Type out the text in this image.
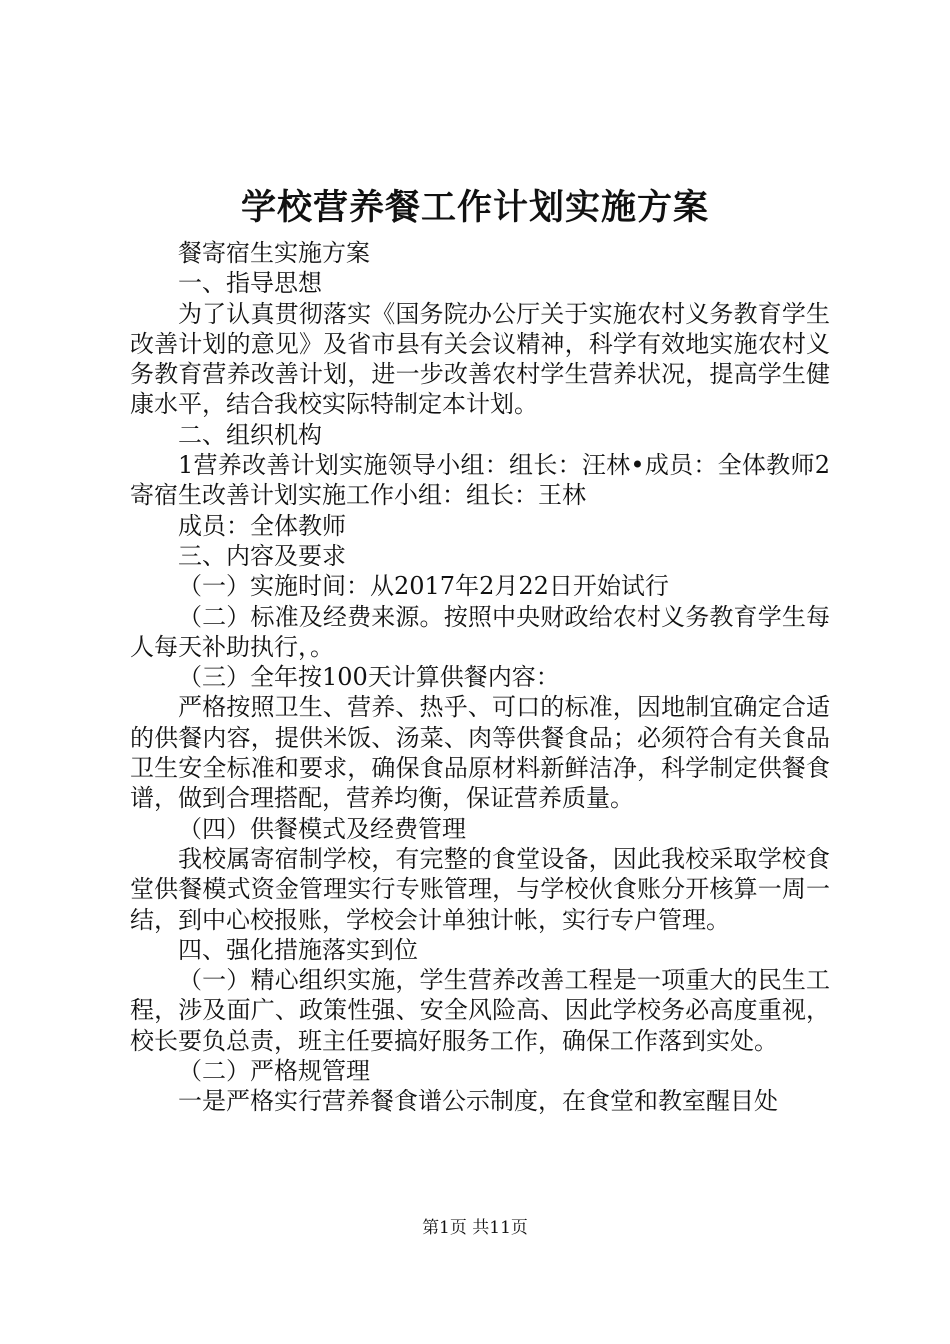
学校营养餐工作计划实施方案

餐寄宿生实施方案

一、指导思想

为了认真贯彻落实《国务院办公厅关于实施农村义务教育学生改善计划的意见》及省市县有关会议精神，科学有效地实施农村义务教育营养改善计划，进一步改善农村学生营养状况，提高学生健康水平，结合我校实际特制定本计划。

二、组织机构

1营养改善计划实施领导小组：组长：汪林•成员：全体教师2寄宿生改善计划实施工作小组：组长：王林

成员：全体教师

三、内容及要求

（一）实施时间：从2017年2月22日开始试行

（二）标准及经费来源。按照中央财政给农村义务教育学生每人每天补助执行，。

（三）全年按100天计算供餐内容：

严格按照卫生、营养、热乎、可口的标准，因地制宜确定合适的供餐内容，提供米饭、汤菜、肉等供餐食品；必须符合有关食品卫生安全标准和要求，确保食品原材料新鲜洁净，科学制定供餐食谱，做到合理搭配，营养均衡，保证营养质量。

（四）供餐模式及经费管理

我校属寄宿制学校，有完整的食堂设备，因此我校采取学校食堂供餐模式资金管理实行专账管理，与学校伙食账分开核算一周一结，到中心校报账，学校会计单独计帐，实行专户管理。

四、强化措施落实到位

（一）精心组织实施，学生营养改善工程是一项重大的民生工程，涉及面广、政策性强、安全风险高、因此学校务必高度重视，校长要负总责，班主任要搞好服务工作，确保工作落到实处。

（二）严格规管理

一是严格实行营养餐食谱公示制度，在食堂和教室醒目处

第1页 共11页
